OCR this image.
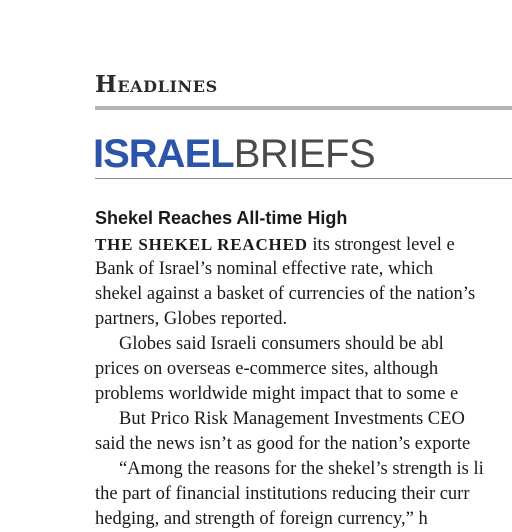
Headlines
ISRAELBRIEFS
Shekel Reaches All-time High
THE SHEKEL REACHED its strongest level e
Bank of Israel’s nominal effective rate, which
shekel against a basket of currencies of the nation’s
partners, Globes reported.
Globes said Israeli consumers should be abl
prices on overseas e-commerce sites, although
problems worldwide might impact that to some e
But Prico Risk Management Investments CEO
said the news isn’t as good for the nation’s exporte
“Among the reasons for the shekel’s strength is li
the part of financial institutions reducing their curr
hedging, and strength of foreign currency,” h
